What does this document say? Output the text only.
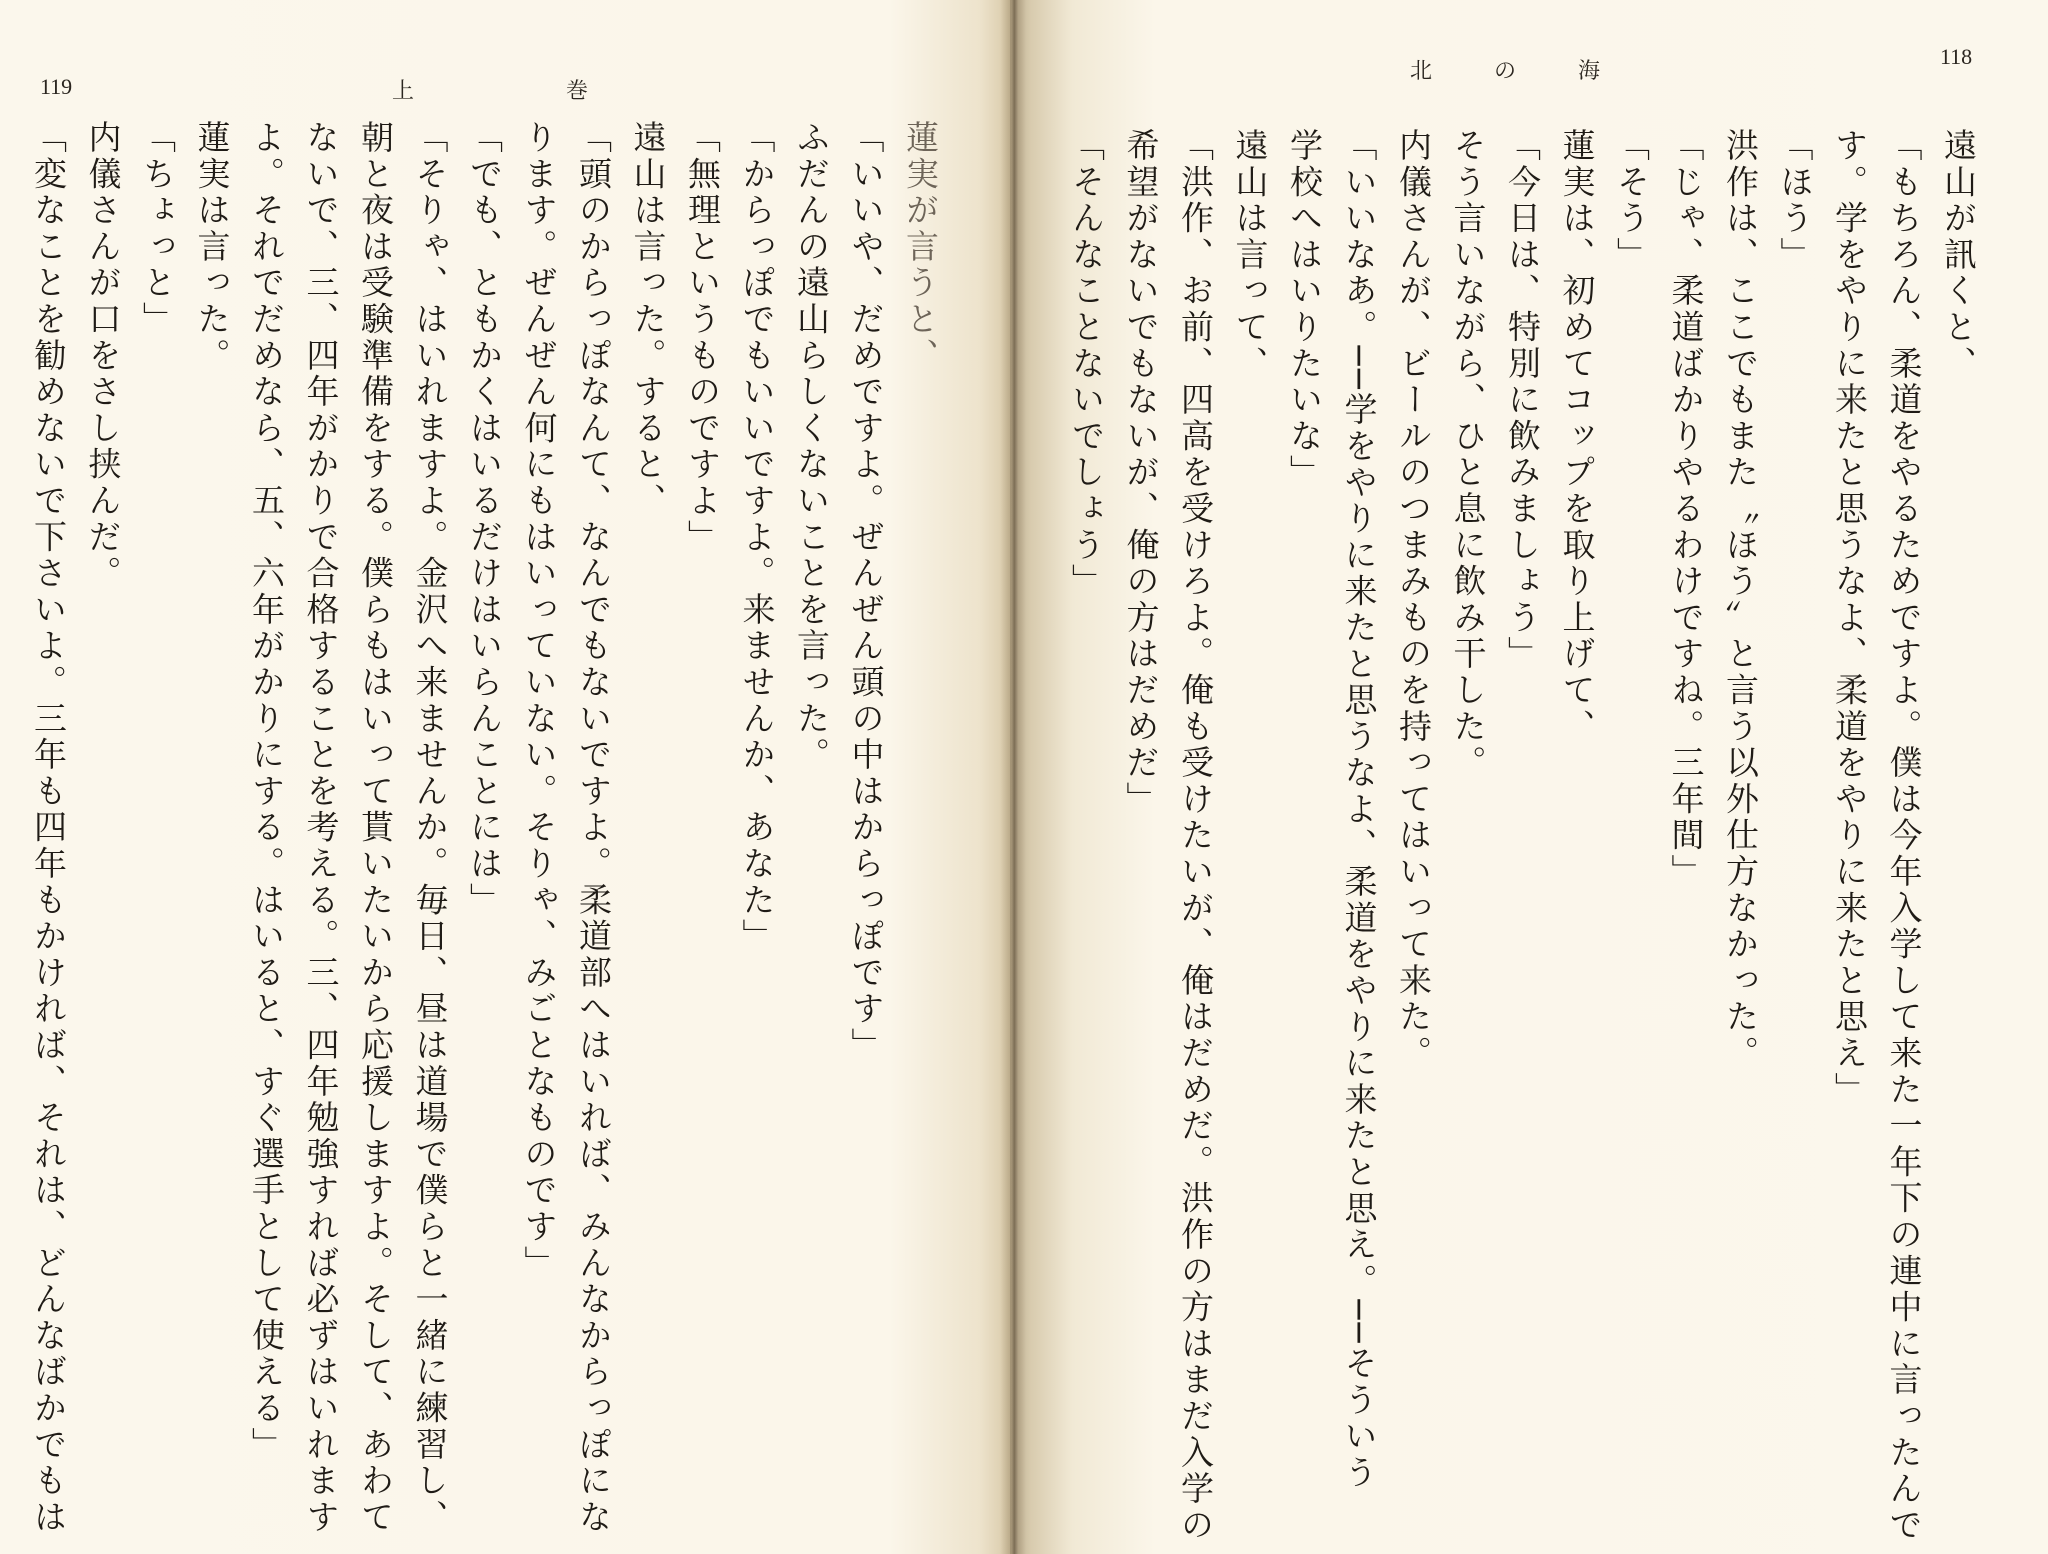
119	上	巻
蓮実が言うと、
「いいや、だめですよ。ぜんぜん頭の中はからっぽです」
ふだんの遠山らしくないことを言った。
「からっぽでもいいですよ。来ませんか、あなた」
「無理というものですよ」
遠山は言った。すると、
「頭のからっぽなんて、なんでもないですよ。柔道部へはいれば、みんなからっぽにな
ります。ぜんぜん何にもはいっていない。そりゃ、みごとなものです」
「でも、ともかくはいるだけはいらんことには」
「そりゃ、はいれますよ。金沢へ来ませんか。毎日、昼は道場で僕らと一緒に練習し、
朝と夜は受験準備をする。僕らもはいって貰いたいから応援しますよ。そして、あわて
ないで、三、四年がかりで合格することを考える。三、四年勉強すれば必ずはいれます
よ。それでだめなら、五、六年がかりにする。はいると、すぐ選手として使える」
蓮実は言った。
「ちょっと」
内儀さんが口をさし挟んだ。
「変なことを勧めないで下さいよ。三年も四年もかければ、それは、どんなばかでもは
118
北	の	海
遠山が訊くと、
「もちろん、柔道をやるためですよ。僕は今年入学して来た一年下の連中に言ったんで
す。学をやりに来たと思うなよ、柔道をやりに来たと思え」
「ほう」
洪作は、ここでもまた〝ほう〟と言う以外仕方なかった。
「じゃ、柔道ばかりやるわけですね。三年間」
「そう」
蓮実は、初めてコップを取り上げて、
「今日は、特別に飲みましょう」
そう言いながら、ひと息に飲み干した。
内儀さんが、ビールのつまみものを持ってはいって来た。
「いいなあ。──学をやりに来たと思うなよ、柔道をやりに来たと思え。──そういう
学校へはいりたいな」
遠山は言って、
「洪作、お前、四高を受けろよ。俺も受けたいが、俺はだめだ。洪作の方はまだ入学の
希望がないでもないが、俺の方はだめだ」
「そんなことないでしょう」
